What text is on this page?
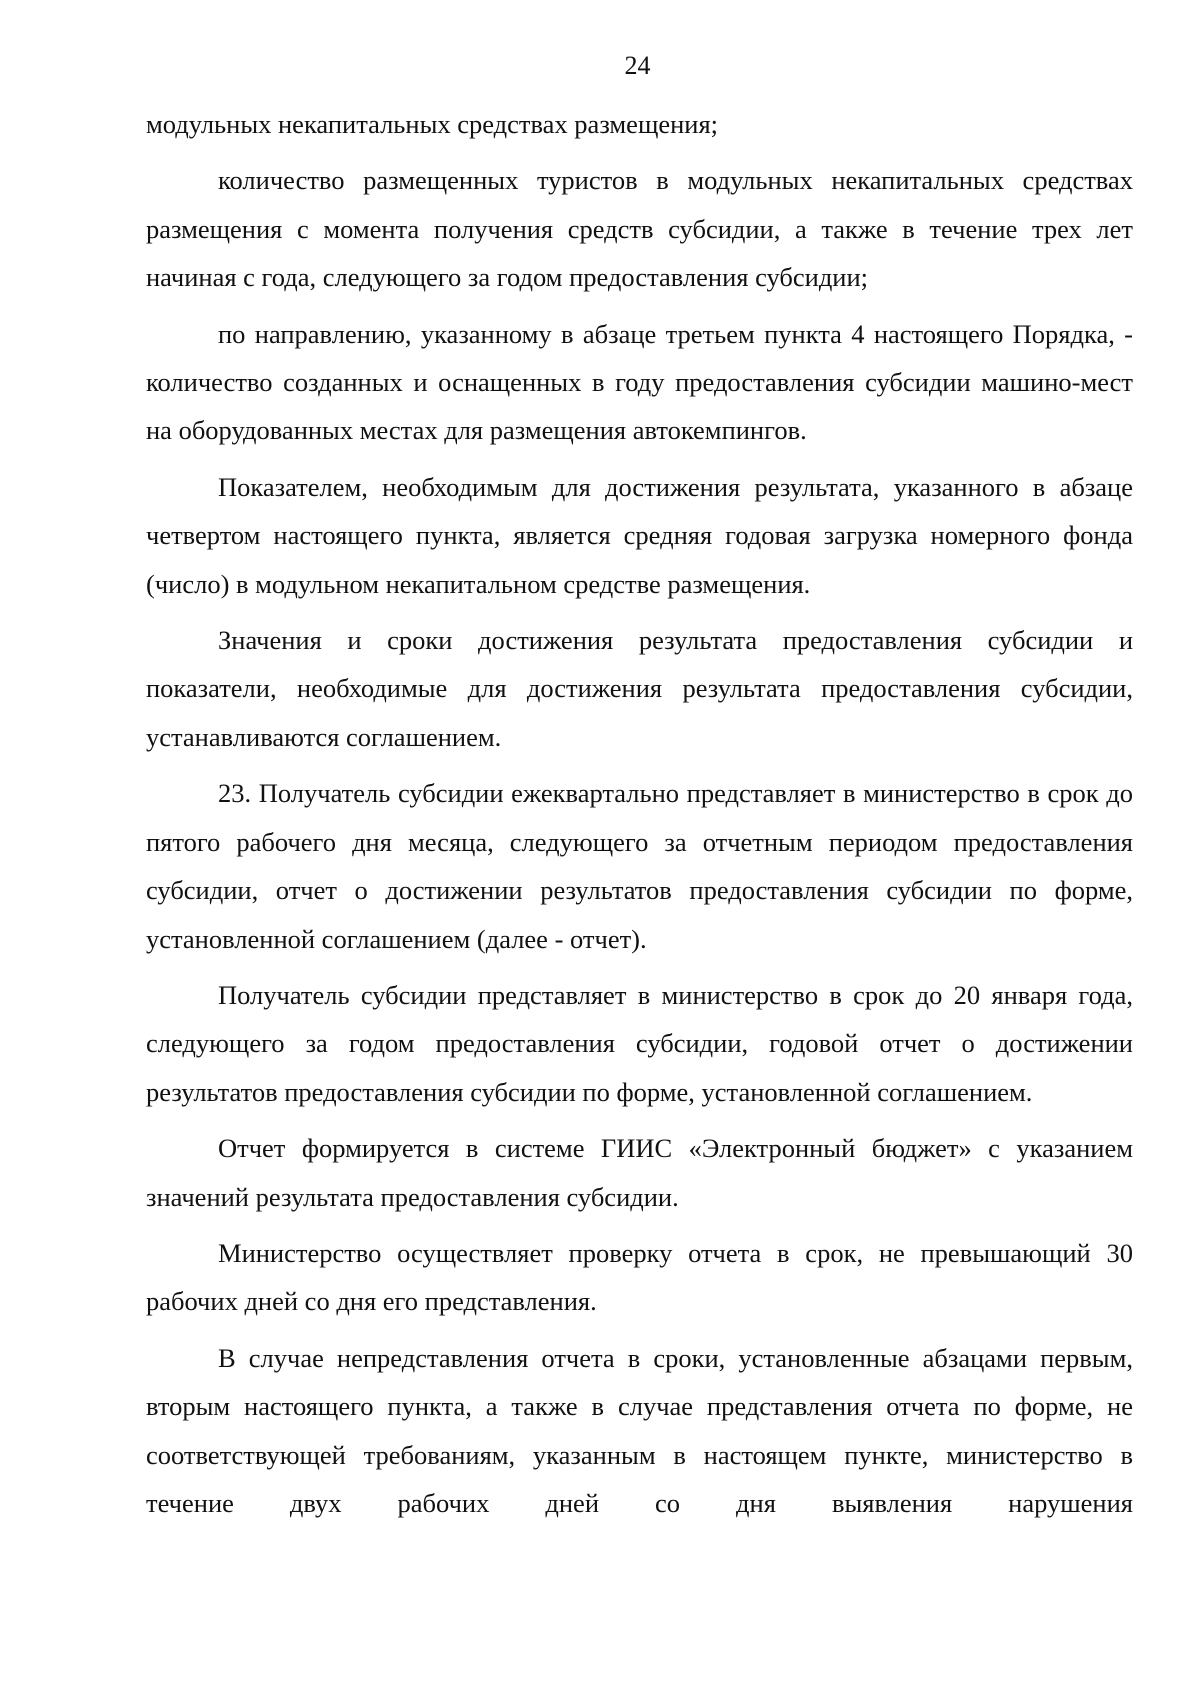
24

модульных некапитальных средствах размещения;

количество размещенных туристов в модульных некапитальных средствах размещения с момента получения средств субсидии, а также в течение трех лет начиная с года, следующего за годом предоставления субсидии;

по направлению, указанному в абзаце третьем пункта 4 настоящего Порядка, - количество созданных и оснащенных в году предоставления субсидии машино-мест на оборудованных местах для размещения автокемпингов.

Показателем, необходимым для достижения результата, указанного в абзаце четвертом настоящего пункта, является средняя годовая загрузка номерного фонда (число) в модульном некапитальном средстве размещения.

Значения и сроки достижения результата предоставления субсидии и показатели, необходимые для достижения результата предоставления субсидии, устанавливаются соглашением.

23. Получатель субсидии ежеквартально представляет в министерство в срок до пятого рабочего дня месяца, следующего за отчетным периодом предоставления субсидии, отчет о достижении результатов предоставления субсидии по форме, установленной соглашением (далее - отчет).

Получатель субсидии представляет в министерство в срок до 20 января года, следующего за годом предоставления субсидии, годовой отчет о достижении результатов предоставления субсидии по форме, установленной соглашением.

Отчет формируется в системе ГИИС «Электронный бюджет» с указанием значений результата предоставления субсидии.

Министерство осуществляет проверку отчета в срок, не превышающий 30 рабочих дней со дня его представления.

В случае непредставления отчета в сроки, установленные абзацами первым, вторым настоящего пункта, а также в случае представления отчета по форме, не соответствующей требованиям, указанным в настоящем пункте, министерство в течение двух рабочих дней со дня выявления нарушения
